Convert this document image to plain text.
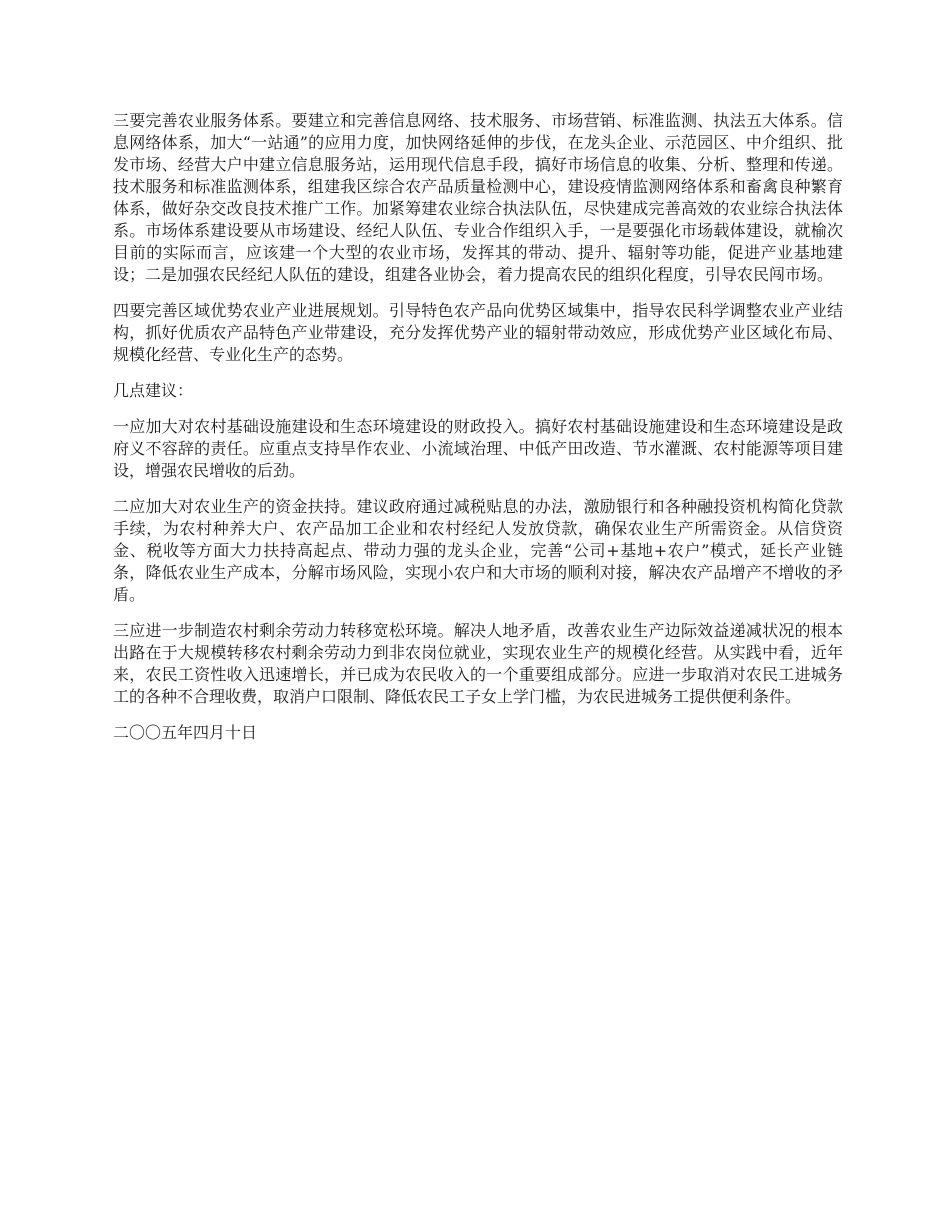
三要完善农业服务体系。要建立和完善信息网络、技术服务、市场营销、标准监测、执法五大体系。信息网络体系，加大“一站通”的应用力度，加快网络延伸的步伐，在龙头企业、示范园区、中介组织、批发市场、经营大户中建立信息服务站，运用现代信息手段，搞好市场信息的收集、分析、整理和传递。技术服务和标准监测体系，组建我区综合农产品质量检测中心，建设疫情监测网络体系和畜禽良种繁育体系，做好杂交改良技术推广工作。加紧筹建农业综合执法队伍，尽快建成完善高效的农业综合执法体系。市场体系建设要从市场建设、经纪人队伍、专业合作组织入手，一是要强化市场载体建设，就榆次目前的实际而言，应该建一个大型的农业市场，发挥其的带动、提升、辐射等功能，促进产业基地建设；二是加强农民经纪人队伍的建设，组建各业协会，着力提高农民的组织化程度，引导农民闯市场。

四要完善区域优势农业产业进展规划。引导特色农产品向优势区域集中，指导农民科学调整农业产业结构，抓好优质农产品特色产业带建设，充分发挥优势产业的辐射带动效应，形成优势产业区域化布局、规模化经营、专业化生产的态势。

几点建议：

一应加大对农村基础设施建设和生态环境建设的财政投入。搞好农村基础设施建设和生态环境建设是政府义不容辞的责任。应重点支持旱作农业、小流域治理、中低产田改造、节水灌溉、农村能源等项目建设，增强农民增收的后劲。

二应加大对农业生产的资金扶持。建议政府通过减税贴息的办法，激励银行和各种融投资机构简化贷款手续，为农村种养大户、农产品加工企业和农村经纪人发放贷款，确保农业生产所需资金。从信贷资金、税收等方面大力扶持高起点、带动力强的龙头企业，完善“公司+基地+农户”模式，延长产业链条，降低农业生产成本，分解市场风险，实现小农户和大市场的顺利对接，解决农产品增产不增收的矛盾。

三应进一步制造农村剩余劳动力转移宽松环境。解决人地矛盾，改善农业生产边际效益递减状况的根本出路在于大规模转移农村剩余劳动力到非农岗位就业，实现农业生产的规模化经营。从实践中看，近年来，农民工资性收入迅速增长，并已成为农民收入的一个重要组成部分。应进一步取消对农民工进城务工的各种不合理收费，取消户口限制、降低农民工子女上学门槛，为农民进城务工提供便利条件。

二〇〇五年四月十日
